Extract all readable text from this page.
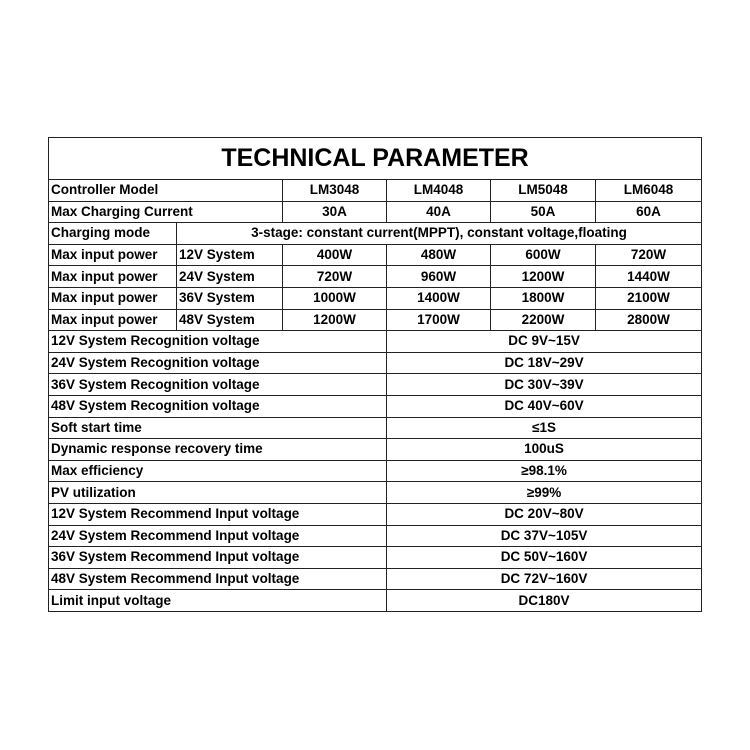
TECHNICAL PARAMETER					
Controller Model		LM3048	LM4048	LM5048	LM6048
Max Charging Current		30A	40A	50A	60A
Charging mode	3-stage: constant current(MPPT), constant voltage,floating				
Max input power	12V System	400W	480W	600W	720W
Max input power	24V System	720W	960W	1200W	1440W
Max input power	36V System	1000W	1400W	1800W	2100W
Max input power	48V System	1200W	1700W	2200W	2800W
12V System Recognition voltage			DC 9V~15V		
24V System Recognition voltage			DC 18V~29V		
36V System Recognition voltage			DC 30V~39V		
48V System Recognition voltage			DC 40V~60V		
Soft start time			≤1S		
Dynamic response recovery time			100uS		
Max efficiency			≥98.1%		
PV utilization			≥99%		
12V System Recommend Input voltage			DC 20V~80V		
24V System Recommend Input voltage			DC 37V~105V		
36V System Recommend Input voltage			DC 50V~160V		
48V System Recommend Input voltage			DC 72V~160V		
Limit input voltage			DC180V		
